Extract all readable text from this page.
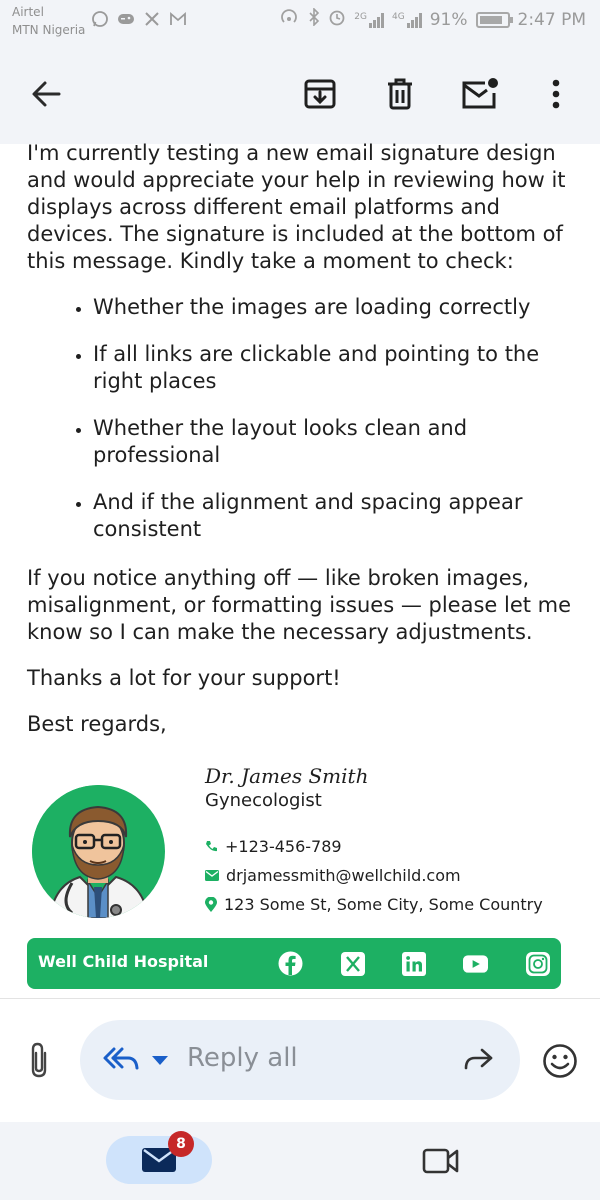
Airtel
MTN Nigeria
2G	4G 91%	2:47 PM

I'm currently testing a new email signature design and would appreciate your help in reviewing how it displays across different email platforms and devices. The signature is included at the bottom of this message. Kindly take a moment to check:

• Whether the images are loading correctly
• If all links are clickable and pointing to the right places
• Whether the layout looks clean and professional
• And if the alignment and spacing appear consistent

If you notice anything off — like broken images, misalignment, or formatting issues — please let me know so I can make the necessary adjustments.

Thanks a lot for your support!

Best regards,

Dr. James Smith
Gynecologist
+123-456-789
drjamessmith@wellchild.com
123 Some St, Some City, Some Country
Well Child Hospital
Reply all
8
